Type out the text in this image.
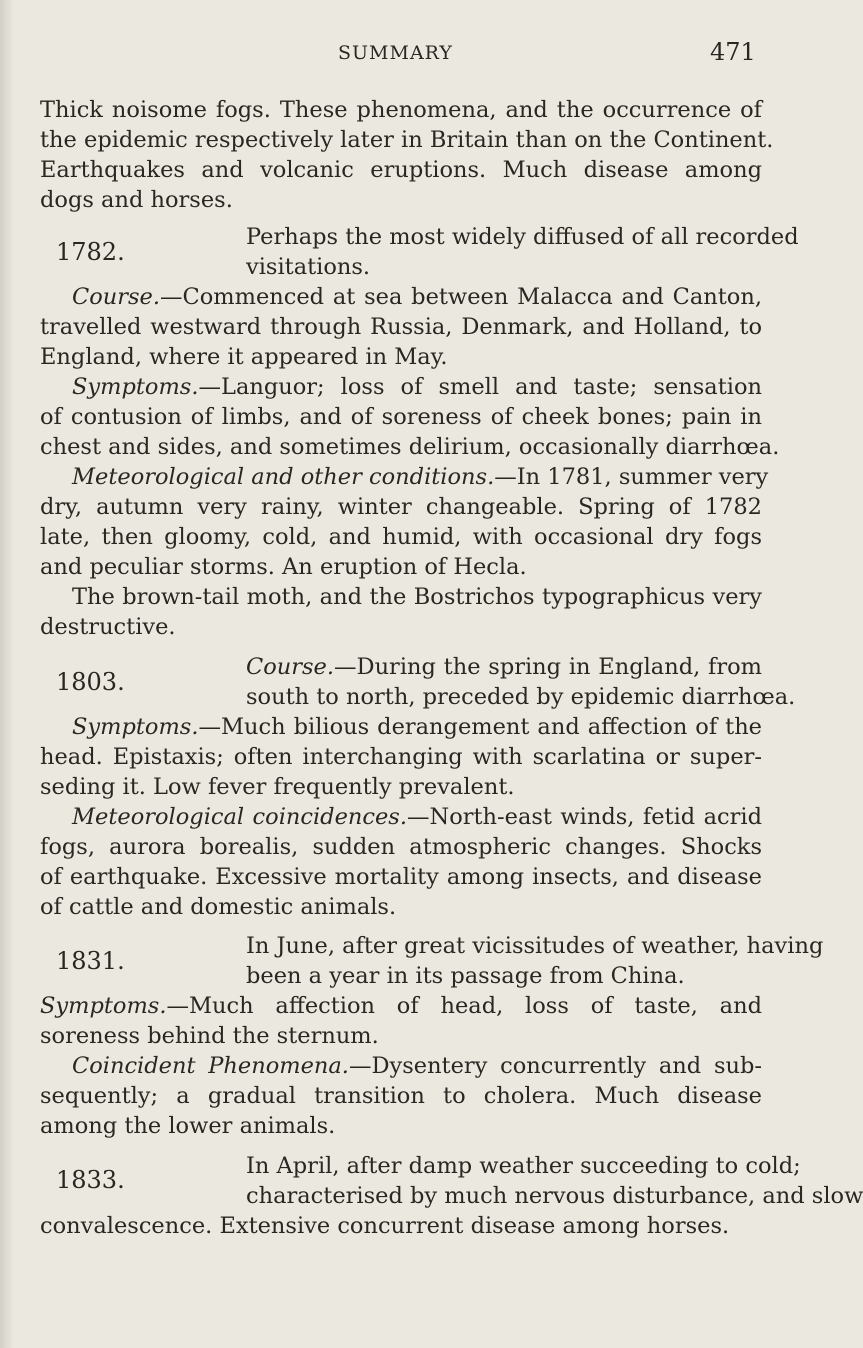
SUMMARY	471
Thick noisome fogs. These phenomena, and the occurrence of
the epidemic respectively later in Britain than on the Continent.
Earthquakes and volcanic eruptions. Much disease among
dogs and horses.
1782.
Perhaps the most widely diffused of all recorded
visitations.
Course.—Commenced at sea between Malacca and Canton,
travelled westward through Russia, Denmark, and Holland, to
England, where it appeared in May.
Symptoms.—Languor; loss of smell and taste; sensation
of contusion of limbs, and of soreness of cheek bones; pain in
chest and sides, and sometimes delirium, occasionally diarrhœa.
Meteorological and other conditions.—In 1781, summer very
dry, autumn very rainy, winter changeable. Spring of 1782
late, then gloomy, cold, and humid, with occasional dry fogs
and peculiar storms. An eruption of Hecla.
The brown-tail moth, and the Bostrichos typographicus very
destructive.
1803.
Course.—During the spring in England, from
south to north, preceded by epidemic diarrhœa.
Symptoms.—Much bilious derangement and affection of the
head. Epistaxis; often interchanging with scarlatina or super-
seding it. Low fever frequently prevalent.
Meteorological coincidences.—North-east winds, fetid acrid
fogs, aurora borealis, sudden atmospheric changes. Shocks
of earthquake. Excessive mortality among insects, and disease
of cattle and domestic animals.
1831.
In June, after great vicissitudes of weather, having
been a year in its passage from China.
Symptoms.—Much affection of head, loss of taste, and
soreness behind the sternum.
Coincident Phenomena.—Dysentery concurrently and sub-
sequently; a gradual transition to cholera. Much disease
among the lower animals.
1833.	In April, after damp weather succeeding to cold;
characterised by much nervous disturbance, and slow
convalescence. Extensive concurrent disease among horses.
